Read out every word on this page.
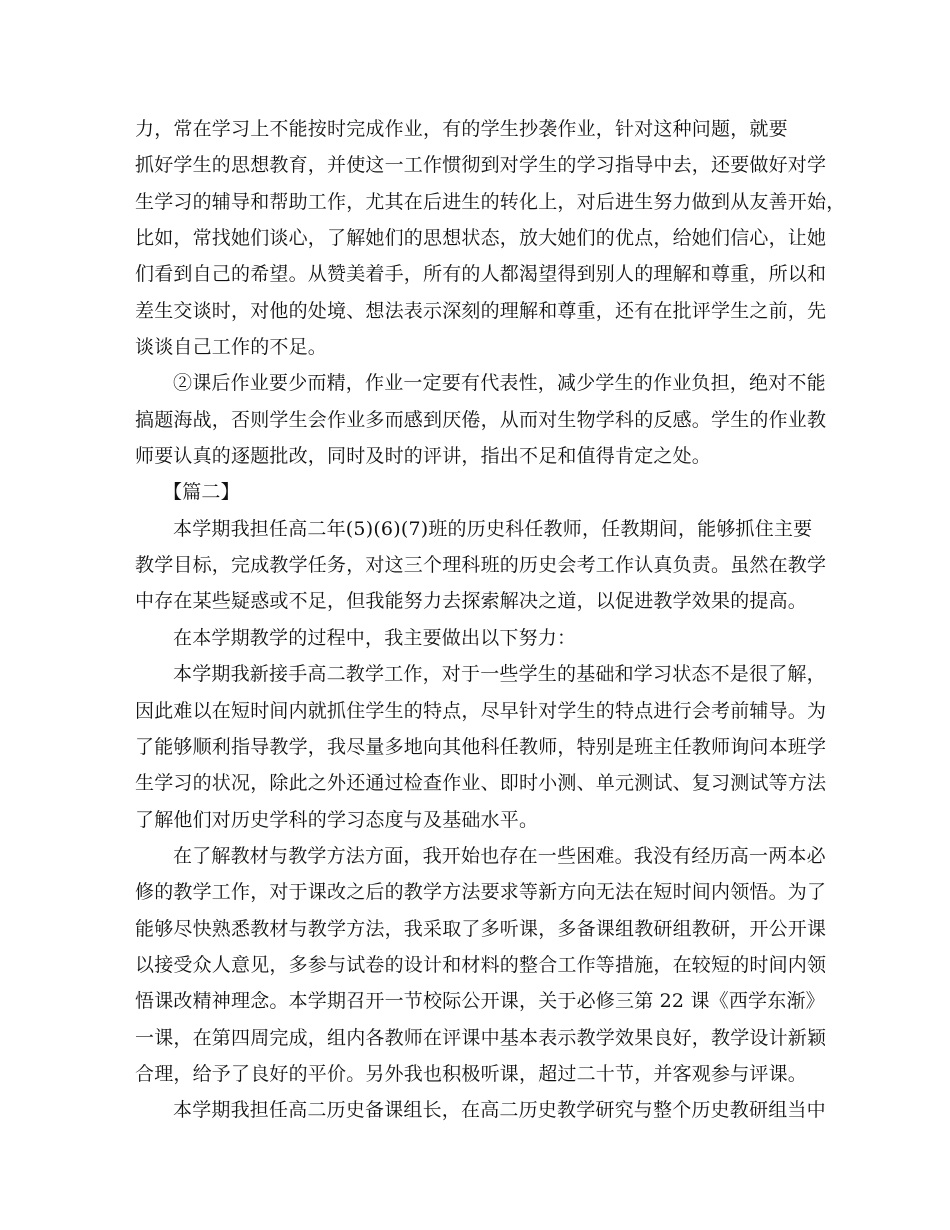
力，常在学习上不能按时完成作业，有的学生抄袭作业，针对这种问题，就要
抓好学生的思想教育，并使这一工作惯彻到对学生的学习指导中去，还要做好对学
生学习的辅导和帮助工作，尤其在后进生的转化上，对后进生努力做到从友善开始，
比如，常找她们谈心，了解她们的思想状态，放大她们的优点，给她们信心，让她
们看到自己的希望。从赞美着手，所有的人都渴望得到别人的理解和尊重，所以和
差生交谈时，对他的处境、想法表示深刻的理解和尊重，还有在批评学生之前，先
谈谈自己工作的不足。
②课后作业要少而精，作业一定要有代表性，减少学生的作业负担，绝对不能
搞题海战，否则学生会作业多而感到厌倦，从而对生物学科的反感。学生的作业教
师要认真的逐题批改，同时及时的评讲，指出不足和值得肯定之处。
【篇二】
本学期我担任高二年(5)(6)(7)班的历史科任教师，任教期间，能够抓住主要
教学目标，完成教学任务，对这三个理科班的历史会考工作认真负责。虽然在教学
中存在某些疑惑或不足，但我能努力去探索解决之道，以促进教学效果的提高。
在本学期教学的过程中，我主要做出以下努力：
本学期我新接手高二教学工作，对于一些学生的基础和学习状态不是很了解，
因此难以在短时间内就抓住学生的特点，尽早针对学生的特点进行会考前辅导。为
了能够顺利指导教学，我尽量多地向其他科任教师，特别是班主任教师询问本班学
生学习的状况，除此之外还通过检查作业、即时小测、单元测试、复习测试等方法
了解他们对历史学科的学习态度与及基础水平。
在了解教材与教学方法方面，我开始也存在一些困难。我没有经历高一两本必
修的教学工作，对于课改之后的教学方法要求等新方向无法在短时间内领悟。为了
能够尽快熟悉教材与教学方法，我采取了多听课，多备课组教研组教研，开公开课
以接受众人意见，多参与试卷的设计和材料的整合工作等措施，在较短的时间内领
悟课改精神理念。本学期召开一节校际公开课，关于必修三第 22 课《西学东渐》
一课，在第四周完成，组内各教师在评课中基本表示教学效果良好，教学设计新颖
合理，给予了良好的平价。另外我也积极听课，超过二十节，并客观参与评课。
本学期我担任高二历史备课组长，在高二历史教学研究与整个历史教研组当中
